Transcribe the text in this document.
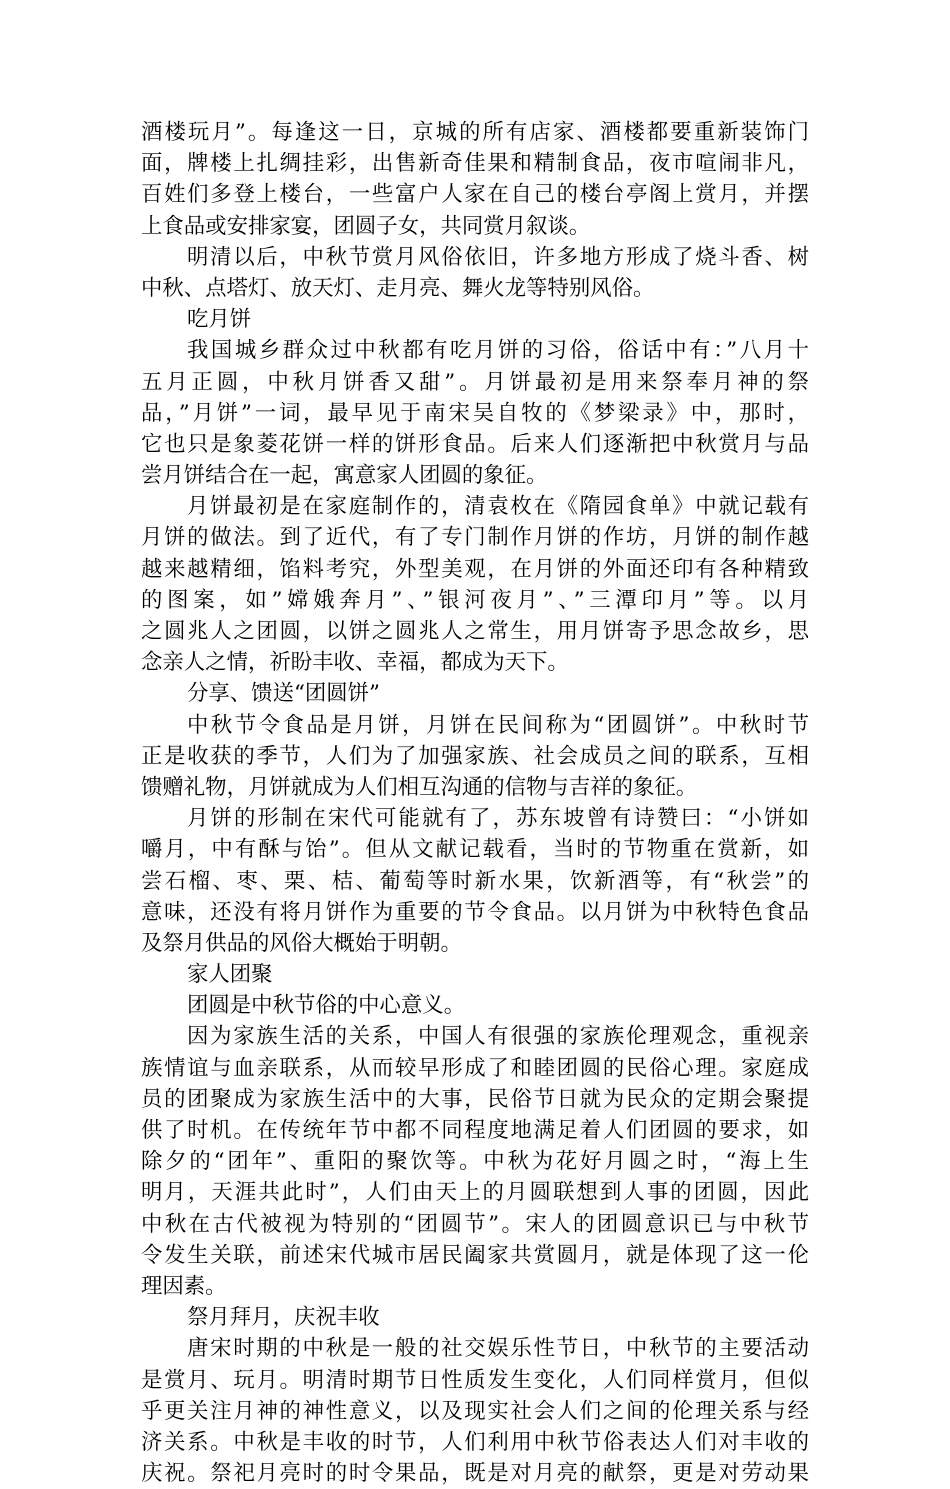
酒楼玩月”。每逢这一日，京城的所有店家、酒楼都要重新装饰门
面，牌楼上扎绸挂彩，出售新奇佳果和精制食品，夜市喧闹非凡，
百姓们多登上楼台，一些富户人家在自己的楼台亭阁上赏月，并摆
上食品或安排家宴，团圆子女，共同赏月叙谈。
明清以后，中秋节赏月风俗依旧，许多地方形成了烧斗香、树
中秋、点塔灯、放天灯、走月亮、舞火龙等特别风俗。
吃月饼
我国城乡群众过中秋都有吃月饼的习俗，俗话中有：”八月十
五月正圆，中秋月饼香又甜”。月饼最初是用来祭奉月神的祭
品，”月饼”一词，最早见于南宋吴自牧的《梦梁录》中，那时，
它也只是象菱花饼一样的饼形食品。后来人们逐渐把中秋赏月与品
尝月饼结合在一起，寓意家人团圆的象征。
月饼最初是在家庭制作的，清袁枚在《隋园食单》中就记载有
月饼的做法。到了近代，有了专门制作月饼的作坊，月饼的制作越
越来越精细，馅料考究，外型美观，在月饼的外面还印有各种精致
的图案，如”嫦娥奔月”、”银河夜月”、”三潭印月”等。以月
之圆兆人之团圆，以饼之圆兆人之常生，用月饼寄予思念故乡，思
念亲人之情，祈盼丰收、幸福，都成为天下。
分享、馈送“团圆饼”
中秋节令食品是月饼，月饼在民间称为“团圆饼”。中秋时节
正是收获的季节，人们为了加强家族、社会成员之间的联系，互相
馈赠礼物，月饼就成为人们相互沟通的信物与吉祥的象征。
月饼的形制在宋代可能就有了，苏东坡曾有诗赞曰：“小饼如
嚼月，中有酥与饴”。但从文献记载看，当时的节物重在赏新，如
尝石榴、枣、栗、桔、葡萄等时新水果，饮新酒等，有“秋尝”的
意味，还没有将月饼作为重要的节令食品。以月饼为中秋特色食品
及祭月供品的风俗大概始于明朝。
家人团聚
团圆是中秋节俗的中心意义。
因为家族生活的关系，中国人有很强的家族伦理观念，重视亲
族情谊与血亲联系，从而较早形成了和睦团圆的民俗心理。家庭成
员的团聚成为家族生活中的大事，民俗节日就为民众的定期会聚提
供了时机。在传统年节中都不同程度地满足着人们团圆的要求，如
除夕的“团年”、重阳的聚饮等。中秋为花好月圆之时，“海上生
明月，天涯共此时”，人们由天上的月圆联想到人事的团圆，因此
中秋在古代被视为特别的“团圆节”。宋人的团圆意识已与中秋节
令发生关联，前述宋代城市居民阖家共赏圆月，就是体现了这一伦
理因素。
祭月拜月，庆祝丰收
唐宋时期的中秋是一般的社交娱乐性节日，中秋节的主要活动
是赏月、玩月。明清时期节日性质发生变化，人们同样赏月，但似
乎更关注月神的神性意义，以及现实社会人们之间的伦理关系与经
济关系。中秋是丰收的时节，人们利用中秋节俗表达人们对丰收的
庆祝。祭祀月亮时的时令果品，既是对月亮的献祭，更是对劳动果
